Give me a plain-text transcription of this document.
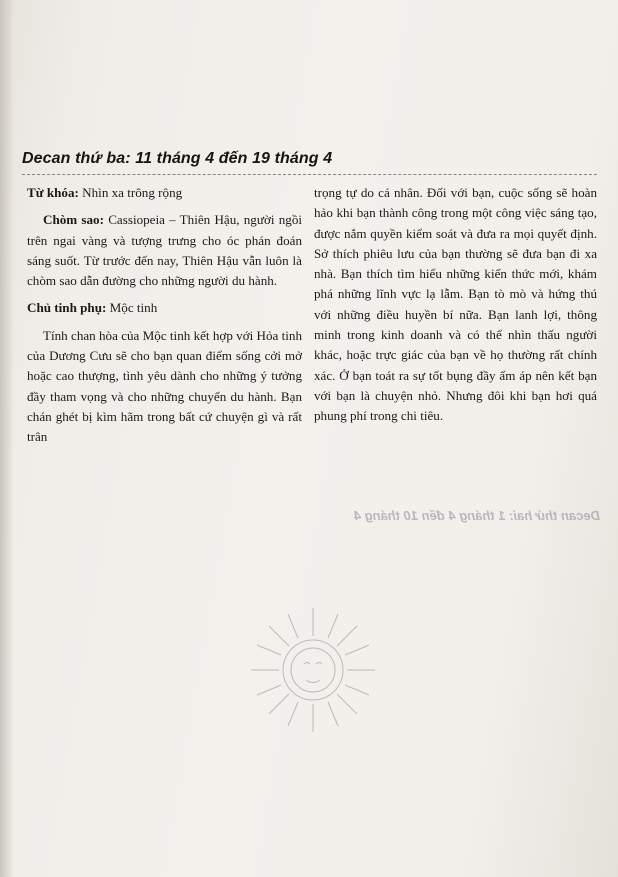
Decan thứ hai: 1 tháng 4 đến 10 tháng 4

Decan thứ ba: 11 tháng 4 đến 19 tháng 4

Từ khóa: Nhìn xa trông rộng

Chòm sao: Cassiopeia – Thiên Hậu, người ngồi trên ngai vàng và tượng trưng cho óc phán đoán sáng suốt. Từ trước đến nay, Thiên Hậu vẫn luôn là chòm sao dẫn đường cho những người du hành.

Chủ tinh phụ: Mộc tinh

Tính chan hòa của Mộc tinh kết hợp với Hỏa tinh của Dương Cưu sẽ cho bạn quan điểm sống cởi mở hoặc cao thượng, tình yêu dành cho những ý tưởng đầy tham vọng và cho những chuyến du hành. Bạn chán ghét bị kìm hãm trong bất cứ chuyện gì và rất trân

trọng tự do cá nhân. Đối với bạn, cuộc sống sẽ hoàn hảo khi bạn thành công trong một công việc sáng tạo, được nắm quyền kiểm soát và đưa ra mọi quyết định. Sở thích phiêu lưu của bạn thường sẽ đưa bạn đi xa nhà. Bạn thích tìm hiểu những kiến thức mới, khám phá những lĩnh vực lạ lẫm. Bạn tò mò và hứng thú với những điều huyền bí nữa. Bạn lanh lợi, thông minh trong kinh doanh và có thể nhìn thấu người khác, hoặc trực giác của bạn về họ thường rất chính xác. Ở bạn toát ra sự tốt bụng đầy ấm áp nên kết bạn với bạn là chuyện nhỏ. Nhưng đôi khi bạn hơi quá phung phí trong chi tiêu.
